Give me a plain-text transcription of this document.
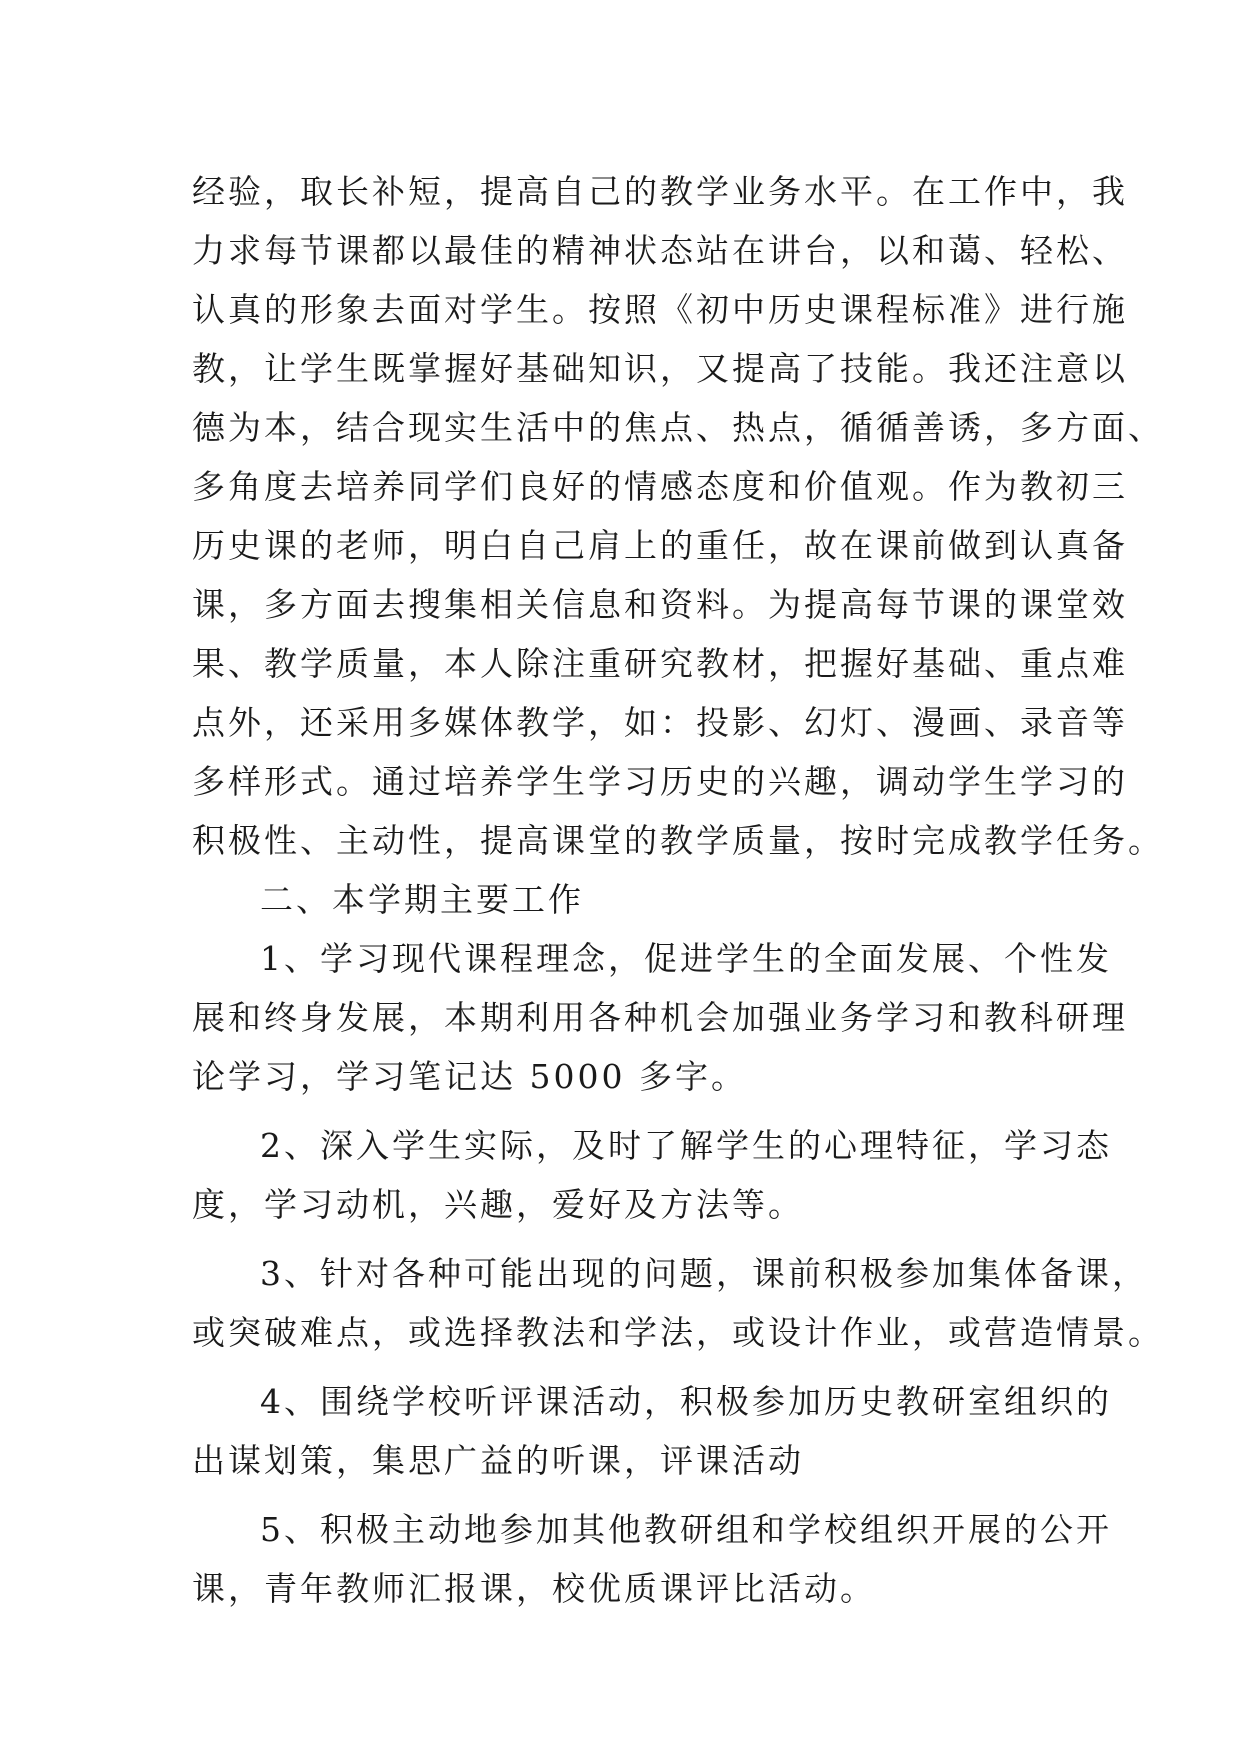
经验，取长补短，提高自己的教学业务水平。在工作中，我
力求每节课都以最佳的精神状态站在讲台，以和蔼、轻松、
认真的形象去面对学生。按照《初中历史课程标准》进行施
教，让学生既掌握好基础知识，又提高了技能。我还注意以
德为本，结合现实生活中的焦点、热点，循循善诱，多方面、
多角度去培养同学们良好的情感态度和价值观。作为教初三
历史课的老师，明白自己肩上的重任，故在课前做到认真备
课，多方面去搜集相关信息和资料。为提高每节课的课堂效
果、教学质量，本人除注重研究教材，把握好基础、重点难
点外，还采用多媒体教学，如：投影、幻灯、漫画、录音等
多样形式。通过培养学生学习历史的兴趣，调动学生学习的
积极性、主动性，提高课堂的教学质量，按时完成教学任务。
二、本学期主要工作
1、学习现代课程理念，促进学生的全面发展、个性发
展和终身发展，本期利用各种机会加强业务学习和教科研理
论学习，学习笔记达 5000 多字。
2、深入学生实际，及时了解学生的心理特征，学习态
度，学习动机，兴趣，爱好及方法等。
3、针对各种可能出现的问题，课前积极参加集体备课，
或突破难点，或选择教法和学法，或设计作业，或营造情景。
4、围绕学校听评课活动，积极参加历史教研室组织的
出谋划策，集思广益的听课，评课活动
5、积极主动地参加其他教研组和学校组织开展的公开
课，青年教师汇报课，校优质课评比活动。
